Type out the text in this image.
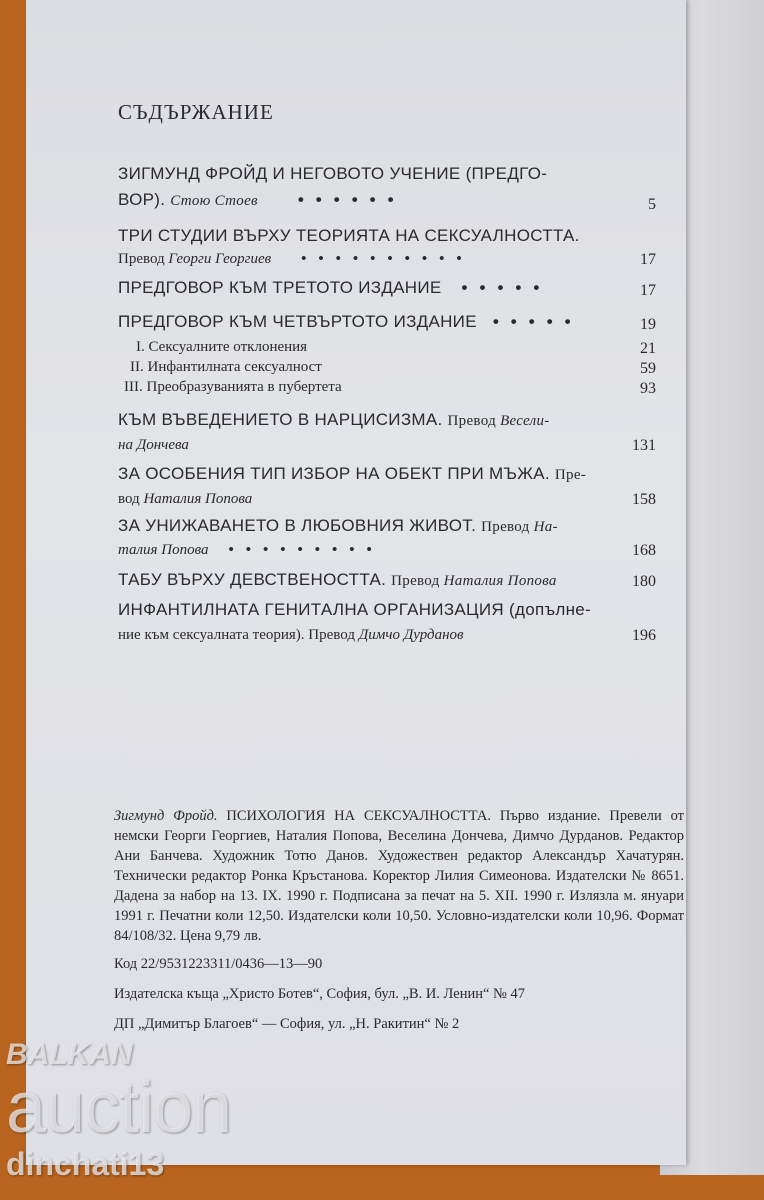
СЪДЪРЖАНИЕ
ЗИГМУНД ФРОЙД И НЕГОВОТО УЧЕНИЕ (ПРЕДГО-
ВОР). Стою Стоев ••••••	5
ТРИ СТУДИИ ВЪРХУ ТЕОРИЯТА НА СЕКСУАЛНОСТТА.
Превод Георги Георгиев ••••••••••	17
ПРЕДГОВОР КЪМ ТРЕТОТО ИЗДАНИЕ •••••	17
ПРЕДГОВОР КЪМ ЧЕТВЪРТОТО ИЗДАНИЕ •••••	19
I. Сексуалните отклонения	21
II. Инфантилната сексуалност	59
III. Преобразуванията в пубертета	93
КЪМ ВЪВЕДЕНИЕТО В НАРЦИСИЗМА. Превод Весели-
на Дончева	131
ЗА ОСОБЕНИЯ ТИП ИЗБОР НА ОБЕКТ ПРИ МЪЖА. Пре-
вод Наталия Попова	158
ЗА УНИЖАВАНЕТО В ЛЮБОВНИЯ ЖИВОТ. Превод На-
талия Попова •••••••••	168
ТАБУ ВЪРХУ ДЕВСТВЕНОСТТА. Превод Наталия Попова	180
ИНФАНТИЛНАТА ГЕНИТАЛНА ОРГАНИЗАЦИЯ (допълне-
ние към сексуалната теория). Превод Димчо Дурданов	196
Зигмунд Фройд. ПСИХОЛОГИЯ НА СЕКСУАЛНОСТТА. Първо издание. Превели от немски Георги Георгиев, Наталия Попова, Веселина Дончева, Димчо Дурданов. Редактор Ани Банчева. Художник Тотю Данов. Художествен редактор Александър Хачатурян. Технически редактор Ронка Кръстанова. Коректор Лилия Симеонова. Издателски № 8651. Дадена за набор на 13. IX. 1990 г. Подписана за печат на 5. XII. 1990 г. Излязла м. януари 1991 г. Печатни коли 12,50. Издателски коли 10,50. Условно-издателски коли 10,96. Формат 84/108/32. Цена 9,79 лв.
Код 22/9531223311/0436—13—90
Издателска къща „Христо Ботев“, София, бул. „В. И. Ленин“ № 47
ДП „Димитър Благоев“ — София, ул. „Н. Ракитин“ № 2
BALKAN
auction
dinchati13
